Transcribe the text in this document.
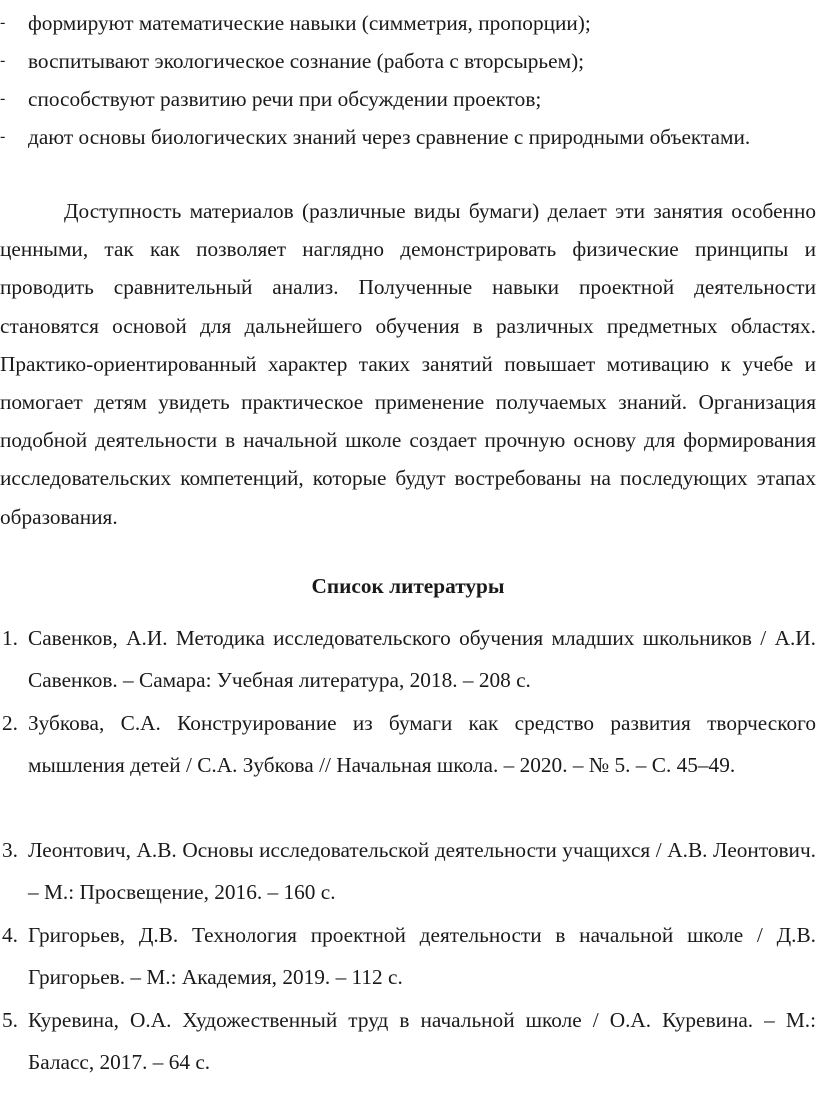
- формируют математические навыки (симметрия, пропорции);
- воспитывают экологическое сознание (работа с вторсырьем);
- способствуют развитию речи при обсуждении проектов;
- дают основы биологических знаний через сравнение с природными объектами.
Доступность материалов (различные виды бумаги) делает эти занятия особенно ценными, так как позволяет наглядно демонстрировать физические принципы и проводить сравнительный анализ. Полученные навыки проектной деятельности становятся основой для дальнейшего обучения в различных предметных областях. Практико-ориентированный характер таких занятий повышает мотивацию к учебе и помогает детям увидеть практическое применение получаемых знаний. Организация подобной деятельности в начальной школе создает прочную основу для формирования исследовательских компетенций, которые будут востребованы на последующих этапах образования.
Список литературы
1. Савенков, А.И. Методика исследовательского обучения младших школьников / А.И. Савенков. – Самара: Учебная литература, 2018. – 208 с.
2. Зубкова, С.А. Конструирование из бумаги как средство развития творческого мышления детей / С.А. Зубкова // Начальная школа. – 2020. – № 5. – С. 45–49.
3. Леонтович, А.В. Основы исследовательской деятельности учащихся / А.В. Леонтович. – М.: Просвещение, 2016. – 160 с.
4. Григорьев, Д.В. Технология проектной деятельности в начальной школе / Д.В. Григорьев. – М.: Академия, 2019. – 112 с.
5. Куревина, О.А. Художественный труд в начальной школе / О.А. Куревина. – М.: Баласс, 2017. – 64 с.
